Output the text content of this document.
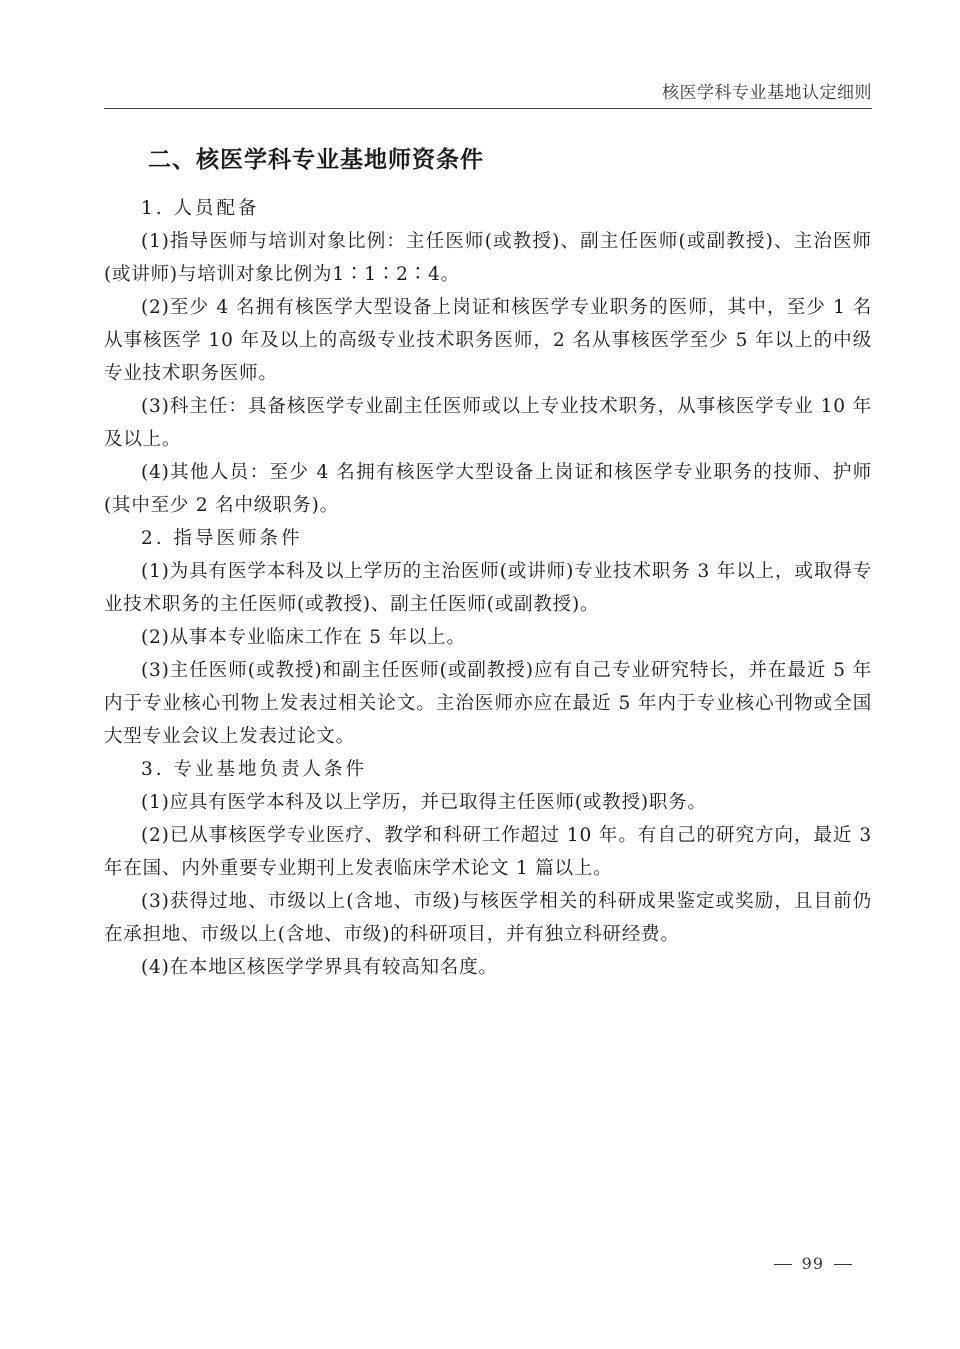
核医学科专业基地认定细则
二、核医学科专业基地师资条件

1. 人员配备

(1)指导医师与培训对象比例：主任医师(或教授)、副主任医师(或副教授)、主治医师(或讲师)与培训对象比例为1∶1∶2∶4。

(2)至少 4 名拥有核医学大型设备上岗证和核医学专业职务的医师，其中，至少 1 名从事核医学 10 年及以上的高级专业技术职务医师，2 名从事核医学至少 5 年以上的中级专业技术职务医师。

(3)科主任：具备核医学专业副主任医师或以上专业技术职务，从事核医学专业 10 年及以上。

(4)其他人员：至少 4 名拥有核医学大型设备上岗证和核医学专业职务的技师、护师(其中至少 2 名中级职务)。

2. 指导医师条件

(1)为具有医学本科及以上学历的主治医师(或讲师)专业技术职务 3 年以上，或取得专业技术职务的主任医师(或教授)、副主任医师(或副教授)。

(2)从事本专业临床工作在 5 年以上。

(3)主任医师(或教授)和副主任医师(或副教授)应有自己专业研究特长，并在最近 5 年内于专业核心刊物上发表过相关论文。主治医师亦应在最近 5 年内于专业核心刊物或全国大型专业会议上发表过论文。

3. 专业基地负责人条件

(1)应具有医学本科及以上学历，并已取得主任医师(或教授)职务。

(2)已从事核医学专业医疗、教学和科研工作超过 10 年。有自己的研究方向，最近 3 年在国、内外重要专业期刊上发表临床学术论文 1 篇以上。

(3)获得过地、市级以上(含地、市级)与核医学相关的科研成果鉴定或奖励，且目前仍在承担地、市级以上(含地、市级)的科研项目，并有独立科研经费。

(4)在本地区核医学学界具有较高知名度。

99
